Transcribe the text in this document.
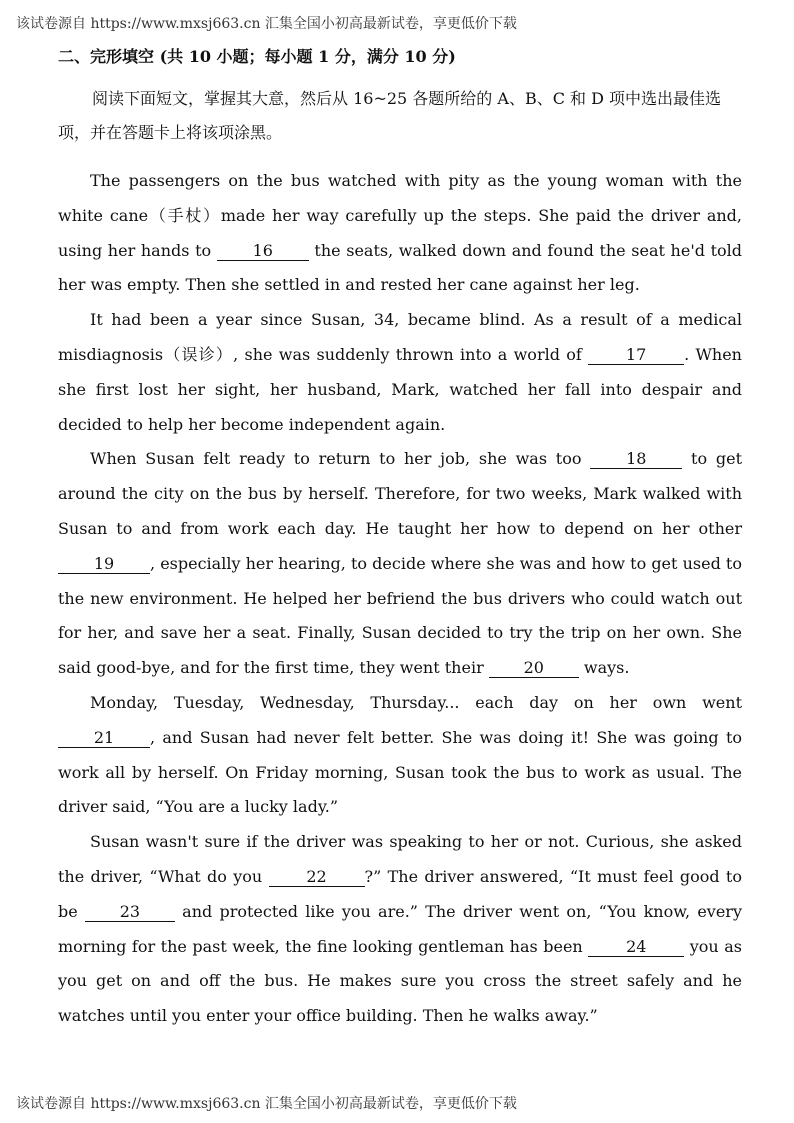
该试卷源自 https://www.mxsj663.cn 汇集全国小初高最新试卷，享更低价下载
二、完形填空 (共 10 小题；每小题 1 分，满分 10 分)
阅读下面短文，掌握其大意，然后从 16~25 各题所给的 A、B、C 和 D 项中选出最佳选项，并在答题卡上将该项涂黑。

The passengers on the bus watched with pity as the young woman with the white cane（手杖）made her way carefully up the steps. She paid the driver and, using her hands to 16 the seats, walked down and found the seat he'd told her was empty. Then she settled in and rested her cane against her leg.

It had been a year since Susan, 34, became blind. As a result of a medical misdiagnosis（误诊）, she was suddenly thrown into a world of 17 . When she first lost her sight, her husband, Mark, watched her fall into despair and decided to help her become independent again.

When Susan felt ready to return to her job, she was too 18 to get around the city on the bus by herself. Therefore, for two weeks, Mark walked with Susan to and from work each day. He taught her how to depend on her other 19 , especially her hearing, to decide where she was and how to get used to the new environment. He helped her befriend the bus drivers who could watch out for her, and save her a seat. Finally, Susan decided to try the trip on her own. She said good-bye, and for the first time, they went their 20 ways.

Monday, Tuesday, Wednesday, Thursday... each day on her own went 21 , and Susan had never felt better. She was doing it! She was going to work all by herself. On Friday morning, Susan took the bus to work as usual. The driver said, “You are a lucky lady.”

Susan wasn't sure if the driver was speaking to her or not. Curious, she asked the driver, “What do you 22 ?” The driver answered, “It must feel good to be 23 and protected like you are.” The driver went on, “You know, every morning for the past week, the fine looking gentleman has been 24 you as you get on and off the bus. He makes sure you cross the street safely and he watches until you enter your office building. Then he walks away.”

该试卷源自 https://www.mxsj663.cn 汇集全国小初高最新试卷，享更低价下载
